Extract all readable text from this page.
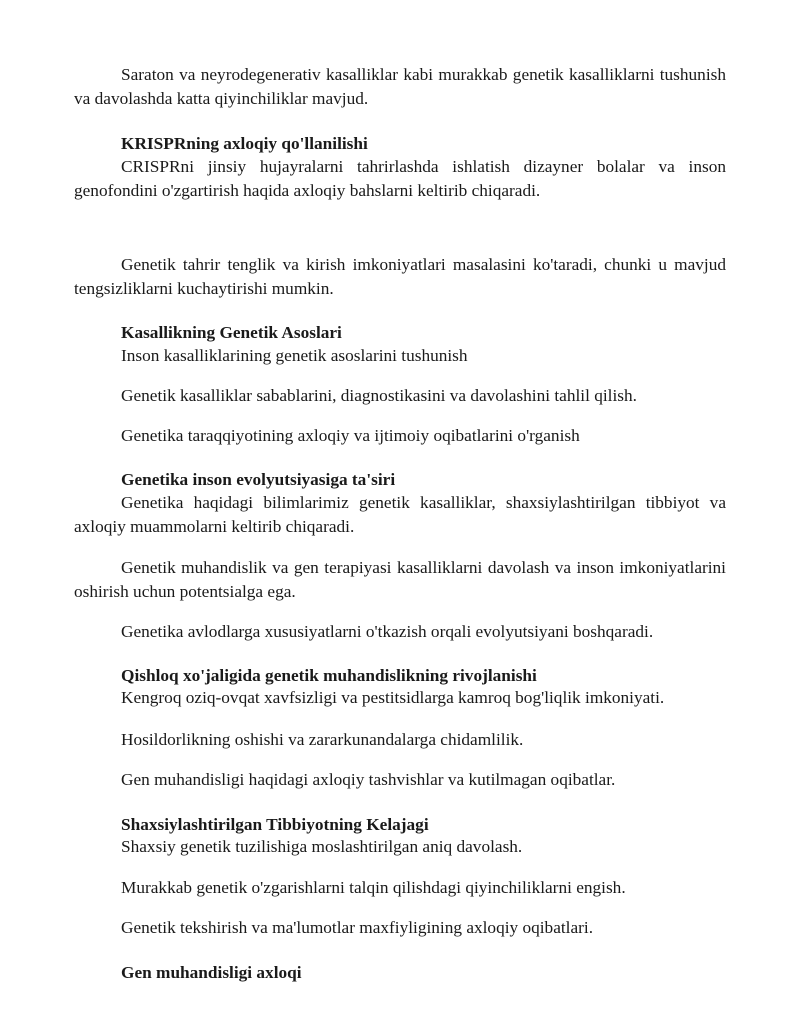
Saraton va neyrodegenerativ kasalliklar kabi murakkab genetik kasalliklarni tushunish va davolashda katta qiyinchiliklar mavjud.

KRISPRning axloqiy qo'llanilishi

CRISPRni jinsiy hujayralarni tahrirlashda ishlatish dizayner bolalar va inson genofondini o'zgartirish haqida axloqiy bahslarni keltirib chiqaradi.

Genetik tahrir tenglik va kirish imkoniyatlari masalasini ko'taradi, chunki u mavjud tengsizliklarni kuchaytirishi mumkin.

Kasallikning Genetik Asoslari

Inson kasalliklarining genetik asoslarini tushunish

Genetik kasalliklar sabablarini, diagnostikasini va davolashini tahlil qilish.

Genetika taraqqiyotining axloqiy va ijtimoiy oqibatlarini o'rganish

Genetika inson evolyutsiyasiga ta'siri

Genetika haqidagi bilimlarimiz genetik kasalliklar, shaxsiylashtirilgan tibbiyot va axloqiy muammolarni keltirib chiqaradi.

Genetik muhandislik va gen terapiyasi kasalliklarni davolash va inson imkoniyatlarini oshirish uchun potentsialga ega.

Genetika avlodlarga xususiyatlarni o'tkazish orqali evolyutsiyani boshqaradi.

Qishloq xo'jaligida genetik muhandislikning rivojlanishi

Kengroq oziq-ovqat xavfsizligi va pestitsidlarga kamroq bog'liqlik imkoniyati.

Hosildorlikning oshishi va zararkunandalarga chidamlilik.

Gen muhandisligi haqidagi axloqiy tashvishlar va kutilmagan oqibatlar.

Shaxsiylashtirilgan Tibbiyotning Kelajagi

Shaxsiy genetik tuzilishiga moslashtirilgan aniq davolash.

Murakkab genetik o'zgarishlarni talqin qilishdagi qiyinchiliklarni engish.

Genetik tekshirish va ma'lumotlar maxfiyligining axloqiy oqibatlari.

Gen muhandisligi axloqi
